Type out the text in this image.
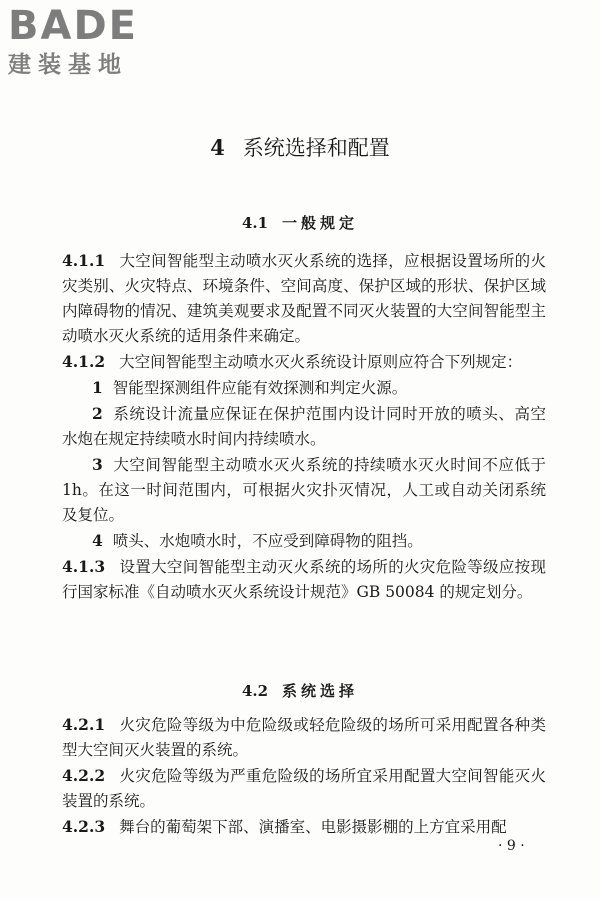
BADE
建装基地
4 系统选择和配置
4.1 一般规定

4.1.1 大空间智能型主动喷水灭火系统的选择，应根据设置场所的火灾类别、火灾特点、环境条件、空间高度、保护区域的形状、保护区域内障碍物的情况、建筑美观要求及配置不同灭火装置的大空间智能型主动喷水灭火系统的适用条件来确定。

4.1.2 大空间智能型主动喷水灭火系统设计原则应符合下列规定：

1 智能型探测组件应能有效探测和判定火源。

2 系统设计流量应保证在保护范围内设计同时开放的喷头、高空水炮在规定持续喷水时间内持续喷水。

3 大空间智能型主动喷水灭火系统的持续喷水灭火时间不应低于1h。在这一时间范围内，可根据火灾扑灭情况，人工或自动关闭系统及复位。

4 喷头、水炮喷水时，不应受到障碍物的阻挡。

4.1.3 设置大空间智能型主动灭火系统的场所的火灾危险等级应按现行国家标准《自动喷水灭火系统设计规范》GB 50084 的规定划分。

4.2 系统选择

4.2.1 火灾危险等级为中危险级或轻危险级的场所可采用配置各种类型大空间灭火装置的系统。

4.2.2 火灾危险等级为严重危险级的场所宜采用配置大空间智能灭火装置的系统。

4.2.3 舞台的葡萄架下部、演播室、电影摄影棚的上方宜采用配

· 9 ·
